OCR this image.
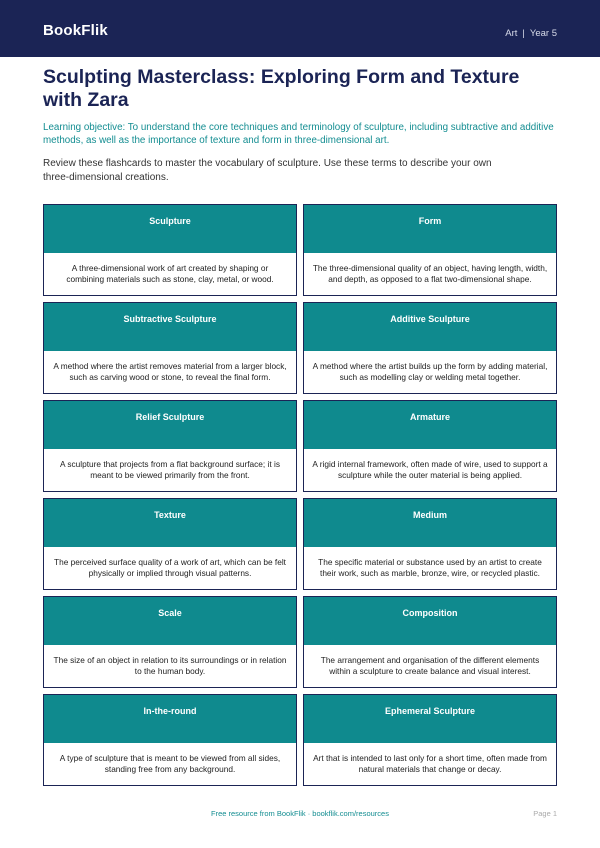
BookFlik	Art | Year 5
Sculpting Masterclass: Exploring Form and Texture with Zara
Learning objective: To understand the core techniques and terminology of sculpture, including subtractive and additive methods, as well as the importance of texture and form in three-dimensional art.
Review these flashcards to master the vocabulary of sculpture. Use these terms to describe your own three-dimensional creations.
Sculpture
A three-dimensional work of art created by shaping or combining materials such as stone, clay, metal, or wood.
Form
The three-dimensional quality of an object, having length, width, and depth, as opposed to a flat two-dimensional shape.
Subtractive Sculpture
A method where the artist removes material from a larger block, such as carving wood or stone, to reveal the final form.
Additive Sculpture
A method where the artist builds up the form by adding material, such as modelling clay or welding metal together.
Relief Sculpture
A sculpture that projects from a flat background surface; it is meant to be viewed primarily from the front.
Armature
A rigid internal framework, often made of wire, used to support a sculpture while the outer material is being applied.
Texture
The perceived surface quality of a work of art, which can be felt physically or implied through visual patterns.
Medium
The specific material or substance used by an artist to create their work, such as marble, bronze, wire, or recycled plastic.
Scale
The size of an object in relation to its surroundings or in relation to the human body.
Composition
The arrangement and organisation of the different elements within a sculpture to create balance and visual interest.
In-the-round
A type of sculpture that is meant to be viewed from all sides, standing free from any background.
Ephemeral Sculpture
Art that is intended to last only for a short time, often made from natural materials that change or decay.
Free resource from BookFlik · bookflik.com/resources	Page 1
